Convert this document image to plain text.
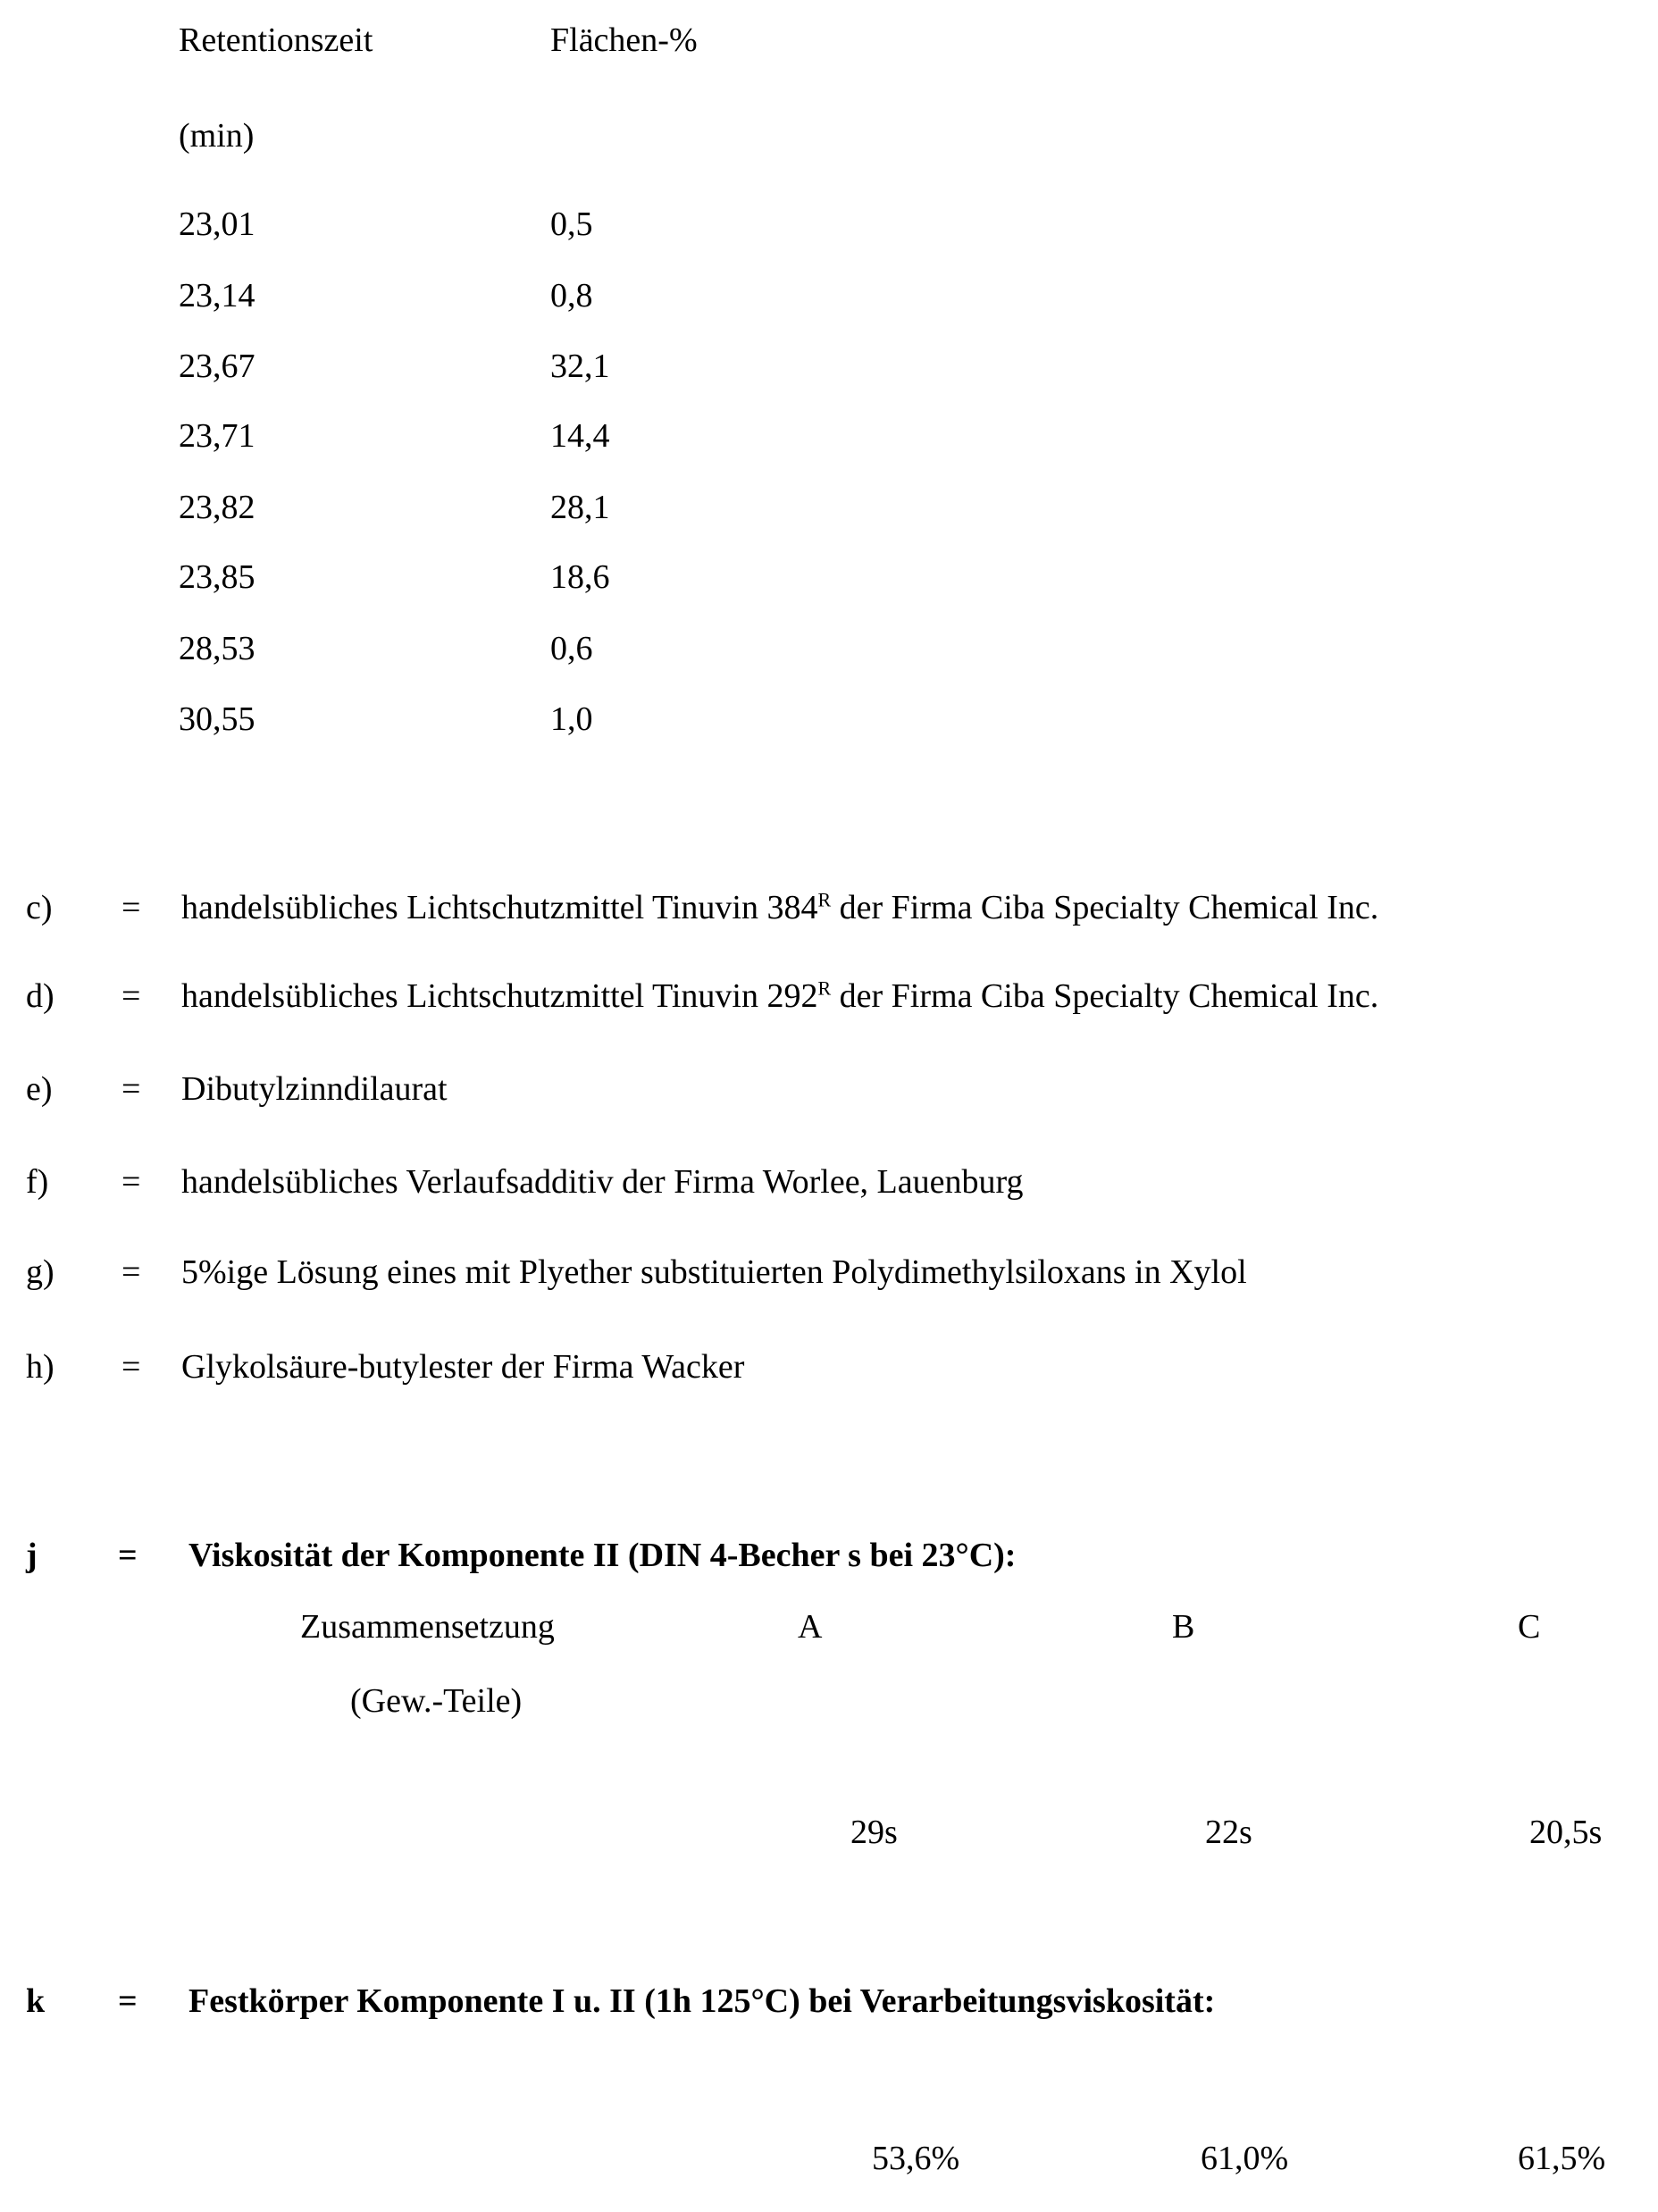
Retentionszeit	Flächen-%
(min)
23,01	0,5
23,14	0,8
23,67	32,1
23,71	14,4
23,82	28,1
23,85	18,6
28,53	0,6
30,55	1,0
c) = handelsübliches Lichtschutzmittel Tinuvin 384R der Firma Ciba Specialty Chemical Inc.
d) = handelsübliches Lichtschutzmittel Tinuvin 292R der Firma Ciba Specialty Chemical Inc.
e) = Dibutylzinndilaurat
f) = handelsübliches Verlaufsadditiv der Firma Worlee, Lauenburg
g) = 5%ige Lösung eines mit Plyether substituierten Polydimethylsiloxans in Xylol
h) = Glykolsäure-butylester der Firma Wacker
j = Viskosität der Komponente II (DIN 4-Becher s bei 23°C):
Zusammensetzung
(Gew.-Teile)
A	B	C
29s	22s	20,5s
k = Festkörper Komponente I u. II (1h 125°C) bei Verarbeitungsviskosität:
53,6%	61,0%	61,5%
